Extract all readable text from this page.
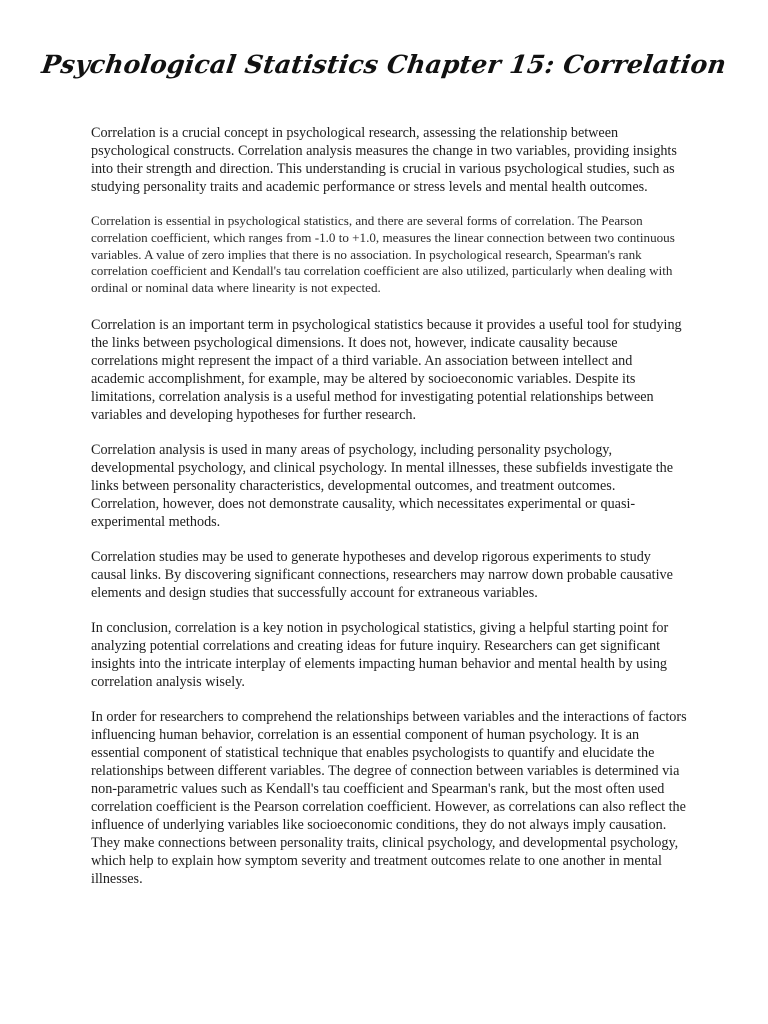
Psychological Statistics Chapter 15: Correlation

Correlation is a crucial concept in psychological research, assessing the relationship between psychological constructs. Correlation analysis measures the change in two variables, providing insights into their strength and direction. This understanding is crucial in various psychological studies, such as studying personality traits and academic performance or stress levels and mental health outcomes.

Correlation is essential in psychological statistics, and there are several forms of correlation. The Pearson correlation coefficient, which ranges from -1.0 to +1.0, measures the linear connection between two continuous variables. A value of zero implies that there is no association. In psychological research, Spearman's rank correlation coefficient and Kendall's tau correlation coefficient are also utilized, particularly when dealing with ordinal or nominal data where linearity is not expected.

Correlation is an important term in psychological statistics because it provides a useful tool for studying the links between psychological dimensions. It does not, however, indicate causality because correlations might represent the impact of a third variable. An association between intellect and academic accomplishment, for example, may be altered by socioeconomic variables. Despite its limitations, correlation analysis is a useful method for investigating potential relationships between variables and developing hypotheses for further research.

Correlation analysis is used in many areas of psychology, including personality psychology, developmental psychology, and clinical psychology. In mental illnesses, these subfields investigate the links between personality characteristics, developmental outcomes, and treatment outcomes. Correlation, however, does not demonstrate causality, which necessitates experimental or quasi-experimental methods.

Correlation studies may be used to generate hypotheses and develop rigorous experiments to study causal links. By discovering significant connections, researchers may narrow down probable causative elements and design studies that successfully account for extraneous variables.

In conclusion, correlation is a key notion in psychological statistics, giving a helpful starting point for analyzing potential correlations and creating ideas for future inquiry. Researchers can get significant insights into the intricate interplay of elements impacting human behavior and mental health by using correlation analysis wisely.

In order for researchers to comprehend the relationships between variables and the interactions of factors influencing human behavior, correlation is an essential component of human psychology. It is an essential component of statistical technique that enables psychologists to quantify and elucidate the relationships between different variables. The degree of connection between variables is determined via non-parametric values such as Kendall's tau coefficient and Spearman's rank, but the most often used correlation coefficient is the Pearson correlation coefficient. However, as correlations can also reflect the influence of underlying variables like socioeconomic conditions, they do not always imply causation. They make connections between personality traits, clinical psychology, and developmental psychology, which help to explain how symptom severity and treatment outcomes relate to one another in mental illnesses.
